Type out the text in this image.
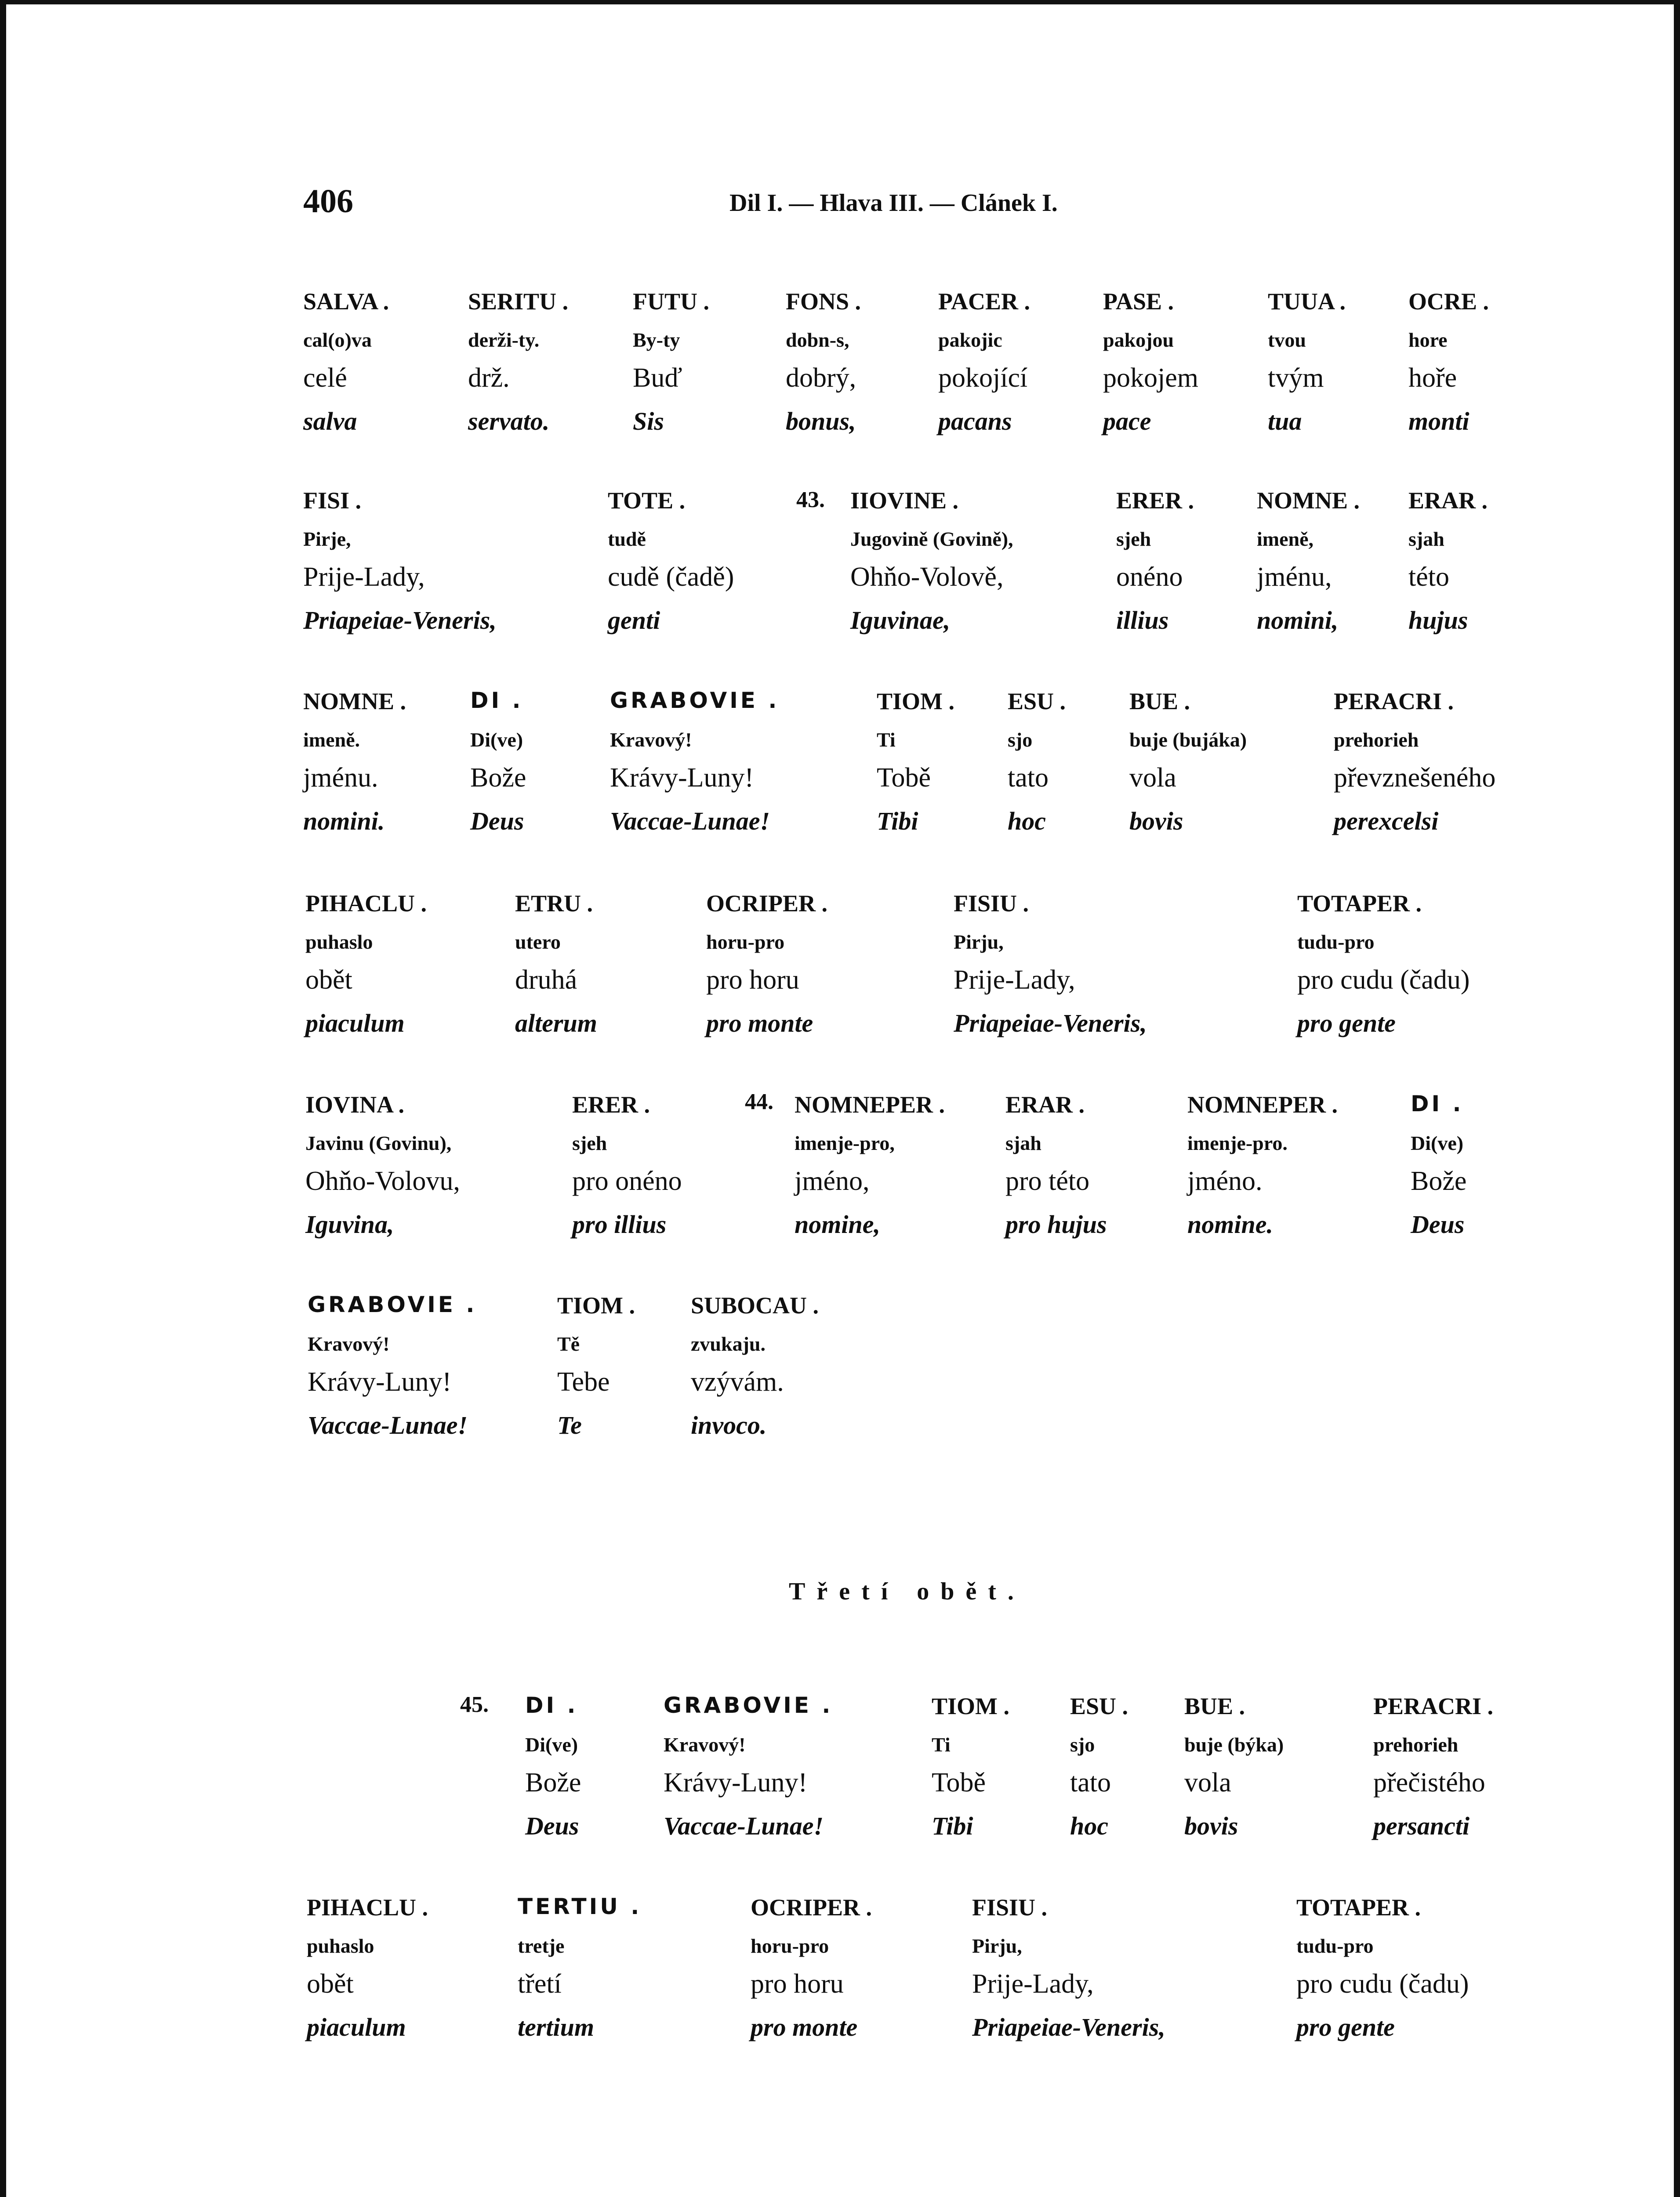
406	Dil I. — Hlava III. — Clánek I.
43.
44.
45.
Třetí obět.
SALVA .
cal(o)va
celé
salva
SERITU .
derži-ty.
drž.
servato.
FUTU .
By-ty
Buď
Sis
FONS .
dobn-s,
dobrý,
bonus,
PACER .
pakojic
pokojící
pacans
PASE .
pakojou
pokojem
pace
TUUA .
tvou
tvým
tua
OCRE .
hore
hoře
monti
FISI .
Pirje,
Prije-Lady,
Priapeiae-Veneris,
TOTE .
tudě
cudě (čadě)
genti
IIOVINE .
Jugovině (Govině),
Ohňo-Volově,
Iguvinae,
ERER .
sjeh
onéno
illius
NOMNE .
imeně,
jménu,
nomini,
ERAR .
sjah
této
hujus
NOMNE .
imeně.
jménu.
nomini.
DI .
Di(ve)
Bože
Deus
GRABOVIE .
Kravový!
Krávy-Luny!
Vaccae-Lunae!
TIOM .
Ti
Tobě
Tibi
ESU .
sjo
tato
hoc
BUE .
buje (bujáka)
vola
bovis
PERACRI .
prehorieh
převznešeného
perexcelsi
PIHACLU .
puhaslo
obět
piaculum
ETRU .
utero
druhá
alterum
OCRIPER .
horu-pro
pro horu
pro monte
FISIU .
Pirju,
Prije-Lady,
Priapeiae-Veneris,
TOTAPER .
tudu-pro
pro cudu (čadu)
pro gente
IOVINA .
Javinu (Govinu),
Ohňo-Volovu,
Iguvina,
ERER .
sjeh
pro onéno
pro illius
NOMNEPER .
imenje-pro,
jméno,
nomine,
ERAR .
sjah
pro této
pro hujus
NOMNEPER .
imenje-pro.
jméno.
nomine.
DI .
Di(ve)
Bože
Deus
GRABOVIE .
Kravový!
Krávy-Luny!
Vaccae-Lunae!
TIOM .
Tě
Tebe
Te
SUBOCAU .
zvukaju.
vzývám.
invoco.
DI .
Di(ve)
Bože
Deus
GRABOVIE .
Kravový!
Krávy-Luny!
Vaccae-Lunae!
TIOM .
Ti
Tobě
Tibi
ESU .
sjo
tato
hoc
BUE .
buje (býka)
vola
bovis
PERACRI .
prehorieh
přečistého
persancti
PIHACLU .
puhaslo
obět
piaculum
TERTIU .
tretje
třetí
tertium
OCRIPER .
horu-pro
pro horu
pro monte
FISIU .
Pirju,
Prije-Lady,
Priapeiae-Veneris,
TOTAPER .
tudu-pro
pro cudu (čadu)
pro gente
